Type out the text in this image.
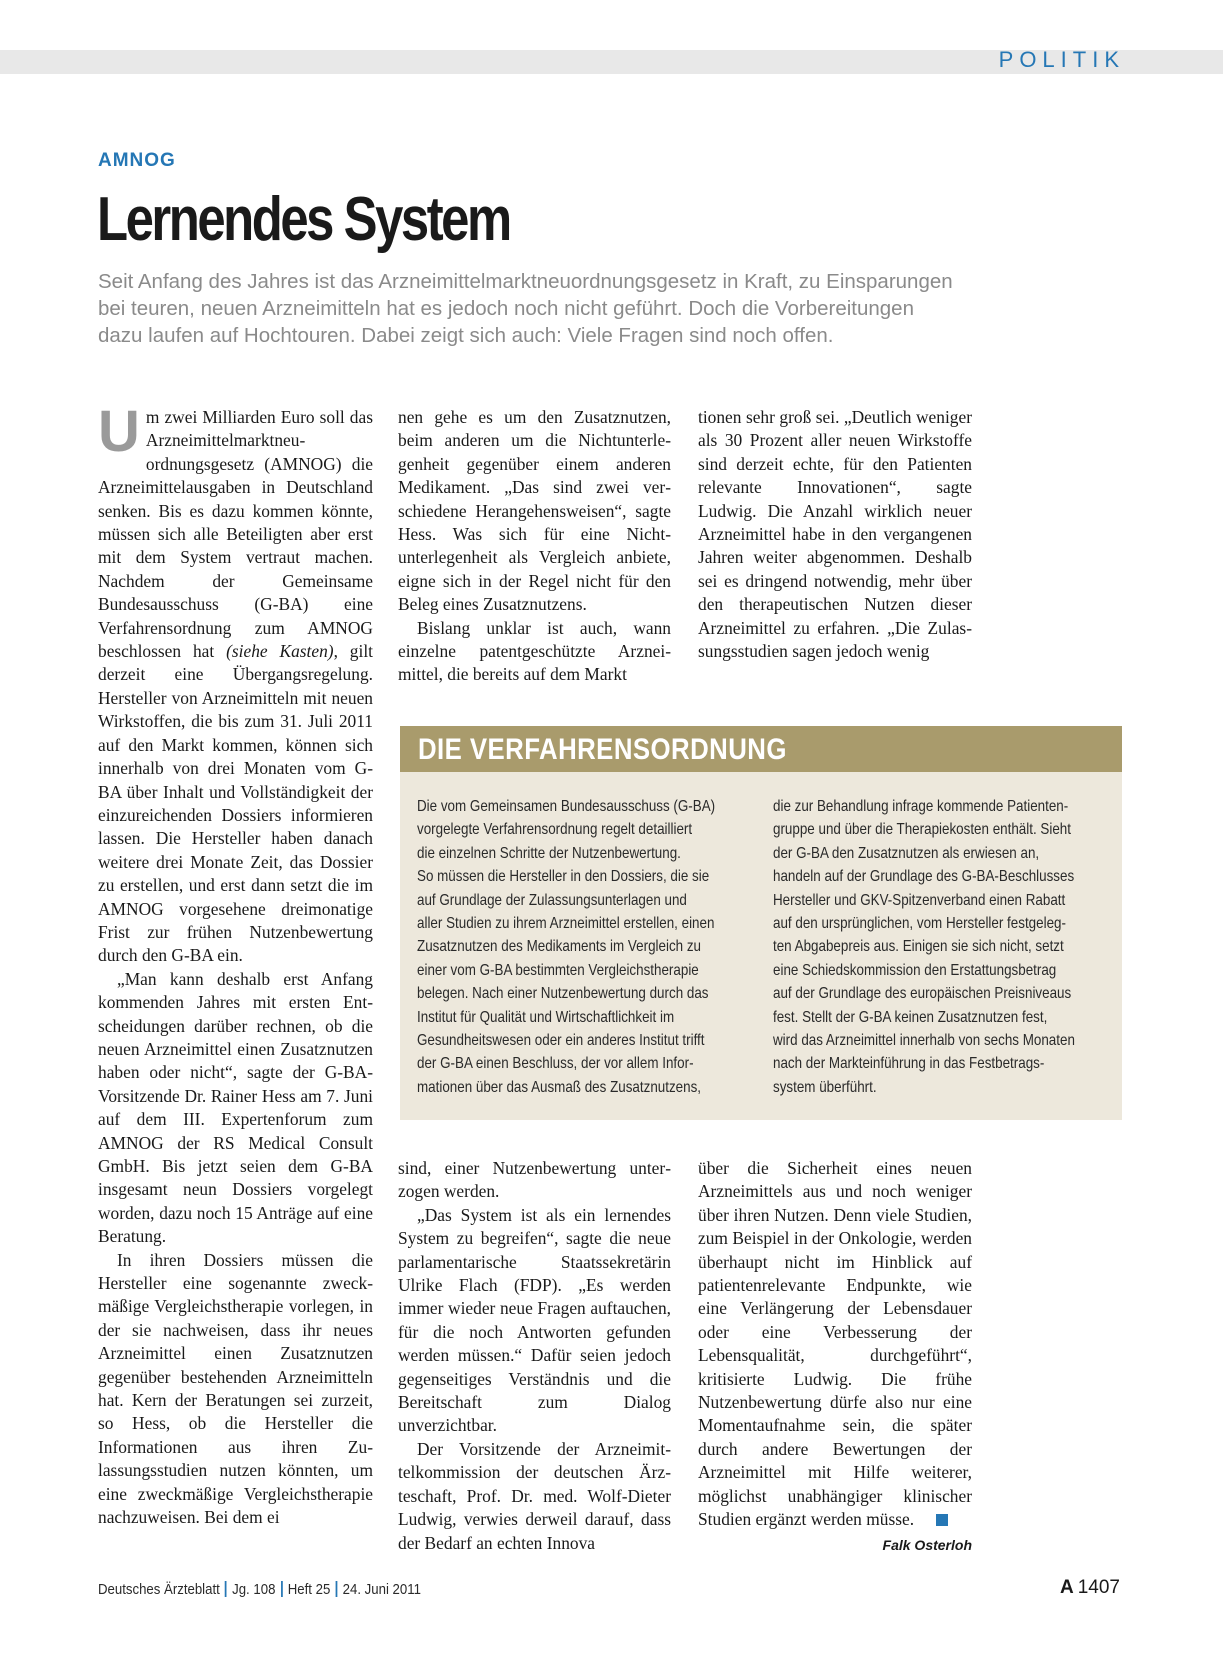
POLITIK
AMNOG
Lernendes System
Seit Anfang des Jahres ist das Arzneimittelmarktneuordnungsgesetz in Kraft, zu Einsparungen
bei teuren, neuen Arzneimitteln hat es jedoch noch nicht geführt. Doch die Vorbereitungen
dazu laufen auf Hochtouren. Dabei zeigt sich auch: Viele Fragen sind noch offen.

Um zwei Milliarden Euro soll das Arzneimittelmarktneuordnungsgesetz (AMNOG) die Arzneimittelausgaben in Deutschland senken. Bis es dazu kommen könnte, müssen sich alle Beteiligten aber erst mit dem System vertraut machen. Nachdem der Gemeinsame Bundesausschuss (G-BA) eine Verfahrensordnung zum AMNOG beschlossen hat (siehe Kasten), gilt derzeit eine Übergangsregelung. Hersteller von Arzneimitteln mit neuen Wirkstoffen, die bis zum 31. Juli 2011 auf den Markt kommen, können sich innerhalb von drei Monaten vom G-BA über Inhalt und Vollständigkeit der einzureichenden Dossiers informieren lassen. Die Hersteller haben danach weitere drei Monate Zeit, das Dossier zu erstellen, und erst dann setzt die im AMNOG vorgesehene dreimonatige Frist zur frühen Nutzenbewertung durch den G-BA ein.

„Man kann deshalb erst Anfang kommenden Jahres mit ersten Entscheidungen darüber rechnen, ob die neuen Arzneimittel einen Zusatznutzen haben oder nicht“, sagte der G-BA-Vorsitzende Dr. Rainer Hess am 7. Juni auf dem III. Expertenforum zum AMNOG der RS Medical Consult GmbH. Bis jetzt seien dem G-BA insgesamt neun Dossiers vorgelegt worden, dazu noch 15 Anträge auf eine Beratung.

In ihren Dossiers müssen die Hersteller eine sogenannte zweckmäßige Vergleichstherapie vorlegen, in der sie nachweisen, dass ihr neues Arzneimittel einen Zusatznutzen gegenüber bestehenden Arzneimitteln hat. Kern der Beratungen sei zurzeit, so Hess, ob die Hersteller die Informationen aus ihren Zulassungsstudien nutzen könnten, um eine zweckmäßige Vergleichstherapie nachzuweisen. Bei dem ei

nen gehe es um den Zusatznutzen, beim anderen um die Nichtunterlegenheit gegenüber einem anderen Medikament. „Das sind zwei verschiedene Herangehensweisen“, sagte Hess. Was sich für eine Nichtunterlegenheit als Vergleich anbiete, eigne sich in der Regel nicht für den Beleg eines Zusatznutzens.

Bislang unklar ist auch, wann einzelne patentgeschützte Arzneimittel, die bereits auf dem Markt

tionen sehr groß sei. „Deutlich weniger als 30 Prozent aller neuen Wirkstoffe sind derzeit echte, für den Patienten relevante Innovationen“, sagte Ludwig. Die Anzahl wirklich neuer Arzneimittel habe in den vergangenen Jahren weiter abgenommen. Deshalb sei es dringend notwendig, mehr über den therapeutischen Nutzen dieser Arzneimittel zu erfahren. „Die Zulassungsstudien sagen jedoch wenig

DIE VERFAHRENSORDNUNG
Die vom Gemeinsamen Bundesausschuss (G-BA)
vorgelegte Verfahrensordnung regelt detailliert
die einzelnen Schritte der Nutzenbewertung.
So müssen die Hersteller in den Dossiers, die sie
auf Grundlage der Zulassungsunterlagen und
aller Studien zu ihrem Arzneimittel erstellen, einen
Zusatznutzen des Medikaments im Vergleich zu
einer vom G-BA bestimmten Vergleichstherapie
belegen. Nach einer Nutzenbewertung durch das
Institut für Qualität und Wirtschaftlichkeit im
Gesundheitswesen oder ein anderes Institut trifft
der G-BA einen Beschluss, der vor allem Infor-
mationen über das Ausmaß des Zusatznutzens,
die zur Behandlung infrage kommende Patienten-
gruppe und über die Therapiekosten enthält. Sieht
der G-BA den Zusatznutzen als erwiesen an,
handeln auf der Grundlage des G-BA-Beschlusses
Hersteller und GKV-Spitzenverband einen Rabatt
auf den ursprünglichen, vom Hersteller festgeleg-
ten Abgabepreis aus. Einigen sie sich nicht, setzt
eine Schiedskommission den Erstattungsbetrag
auf der Grundlage des europäischen Preisniveaus
fest. Stellt der G-BA keinen Zusatznutzen fest,
wird das Arzneimittel innerhalb von sechs Monaten
nach der Markteinführung in das Festbetrags-
system überführt.

sind, einer Nutzenbewertung unterzogen werden.

„Das System ist als ein lernendes System zu begreifen“, sagte die neue parlamentarische Staatssekretärin Ulrike Flach (FDP). „Es werden immer wieder neue Fragen auftauchen, für die noch Antworten gefunden werden müssen.“ Dafür seien jedoch gegenseitiges Verständnis und die Bereitschaft zum Dialog unverzichtbar.

Der Vorsitzende der Arzneimittelkommission der deutschen Ärzteschaft, Prof. Dr. med. Wolf-Dieter Ludwig, verwies derweil darauf, dass der Bedarf an echten Innova

über die Sicherheit eines neuen Arzneimittels aus und noch weniger über ihren Nutzen. Denn viele Studien, zum Beispiel in der Onkologie, werden überhaupt nicht im Hinblick auf patientenrelevante Endpunkte, wie eine Verlängerung der Lebensdauer oder eine Verbesserung der Lebensqualität, durchgeführt“, kritisierte Ludwig. Die frühe Nutzenbewertung dürfe also nur eine Momentaufnahme sein, die später durch andere Bewertungen der Arzneimittel mit Hilfe weiterer, möglichst unabhängiger klinischer Studien ergänzt werden müsse.

Falk Osterloh
Deutsches Ärzteblatt Jg. 108 Heft 25 24. Juni 2011	A 1407
